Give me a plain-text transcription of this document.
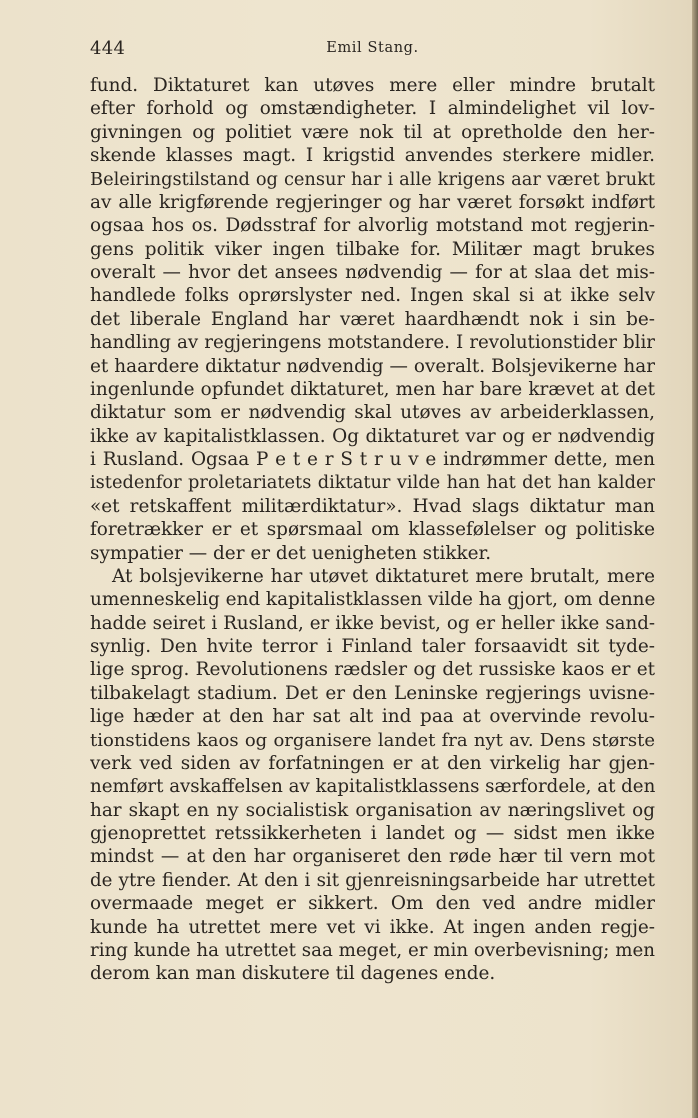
444	Emil Stang.
fund. Diktaturet kan utøves mere eller mindre brutalt
efter forhold og omstændigheter. I almindelighet vil lov-
givningen og politiet være nok til at opretholde den her-
skende klasses magt. I krigstid anvendes sterkere midler.
Beleiringstilstand og censur har i alle krigens aar været brukt
av alle krigførende regjeringer og har været forsøkt indført
ogsaa hos os. Dødsstraf for alvorlig motstand mot regjerin-
gens politik viker ingen tilbake for. Militær magt brukes
overalt — hvor det ansees nødvendig — for at slaa det mis-
handlede folks oprørslyster ned. Ingen skal si at ikke selv
det liberale England har været haardhændt nok i sin be-
handling av regjeringens motstandere. I revolutionstider blir
et haardere diktatur nødvendig — overalt. Bolsjevikerne har
ingenlunde opfundet diktaturet, men har bare krævet at det
diktatur som er nødvendig skal utøves av arbeiderklassen,
ikke av kapitalistklassen. Og diktaturet var og er nødvendig
i Rusland. Ogsaa P e t e r S t r u v e indrømmer dette, men
istedenfor proletariatets diktatur vilde han hat det han kalder
«et retskaffent militærdiktatur». Hvad slags diktatur man
foretrækker er et spørsmaal om klassefølelser og politiske
sympatier — der er det uenigheten stikker.
At bolsjevikerne har utøvet diktaturet mere brutalt, mere
umenneskelig end kapitalistklassen vilde ha gjort, om denne
hadde seiret i Rusland, er ikke bevist, og er heller ikke sand-
synlig. Den hvite terror i Finland taler forsaavidt sit tyde-
lige sprog. Revolutionens rædsler og det russiske kaos er et
tilbakelagt stadium. Det er den Leninske regjerings uvisne-
lige hæder at den har sat alt ind paa at overvinde revolu-
tionstidens kaos og organisere landet fra nyt av. Dens største
verk ved siden av forfatningen er at den virkelig har gjen-
nemført avskaffelsen av kapitalistklassens særfordele, at den
har skapt en ny socialistisk organisation av næringslivet og
gjenoprettet retssikkerheten i landet og — sidst men ikke
mindst — at den har organiseret den røde hær til vern mot
de ytre fiender. At den i sit gjenreisningsarbeide har utrettet
overmaade meget er sikkert. Om den ved andre midler
kunde ha utrettet mere vet vi ikke. At ingen anden regje-
ring kunde ha utrettet saa meget, er min overbevisning; men
derom kan man diskutere til dagenes ende.
